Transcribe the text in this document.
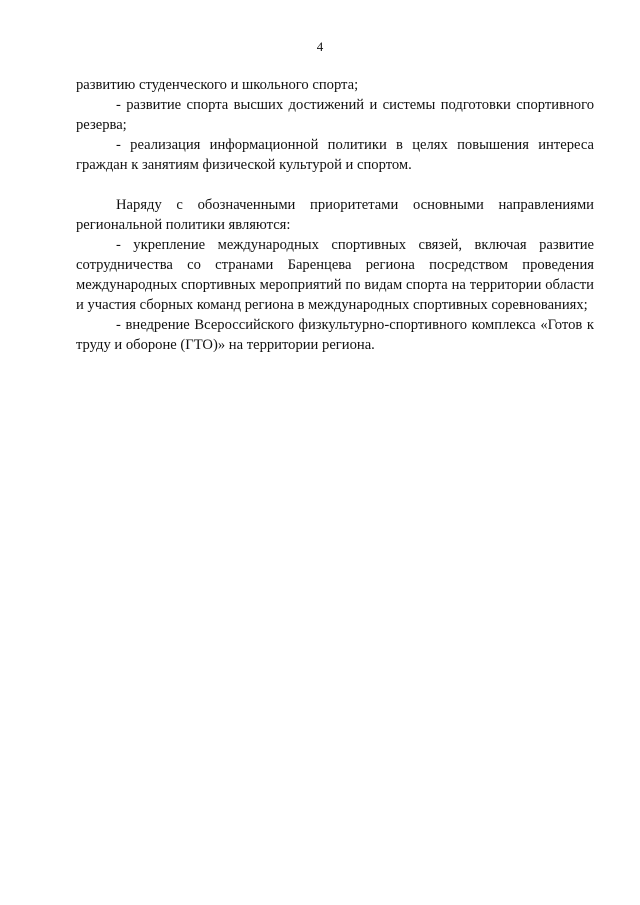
4

развитию студенческого и школьного спорта;

- развитие спорта высших достижений и системы подготовки спортивного резерва;

- реализация информационной политики в целях повышения интереса граждан к занятиям физической культурой и спортом.

Наряду с обозначенными приоритетами основными направлениями региональной политики являются:

- укрепление международных спортивных связей, включая развитие сотрудничества со странами Баренцева региона посредством проведения международных спортивных мероприятий по видам спорта на территории области и участия сборных команд региона в международных спортивных соревнованиях;

- внедрение Всероссийского физкультурно-спортивного комплекса «Готов к труду и обороне (ГТО)» на территории региона.
